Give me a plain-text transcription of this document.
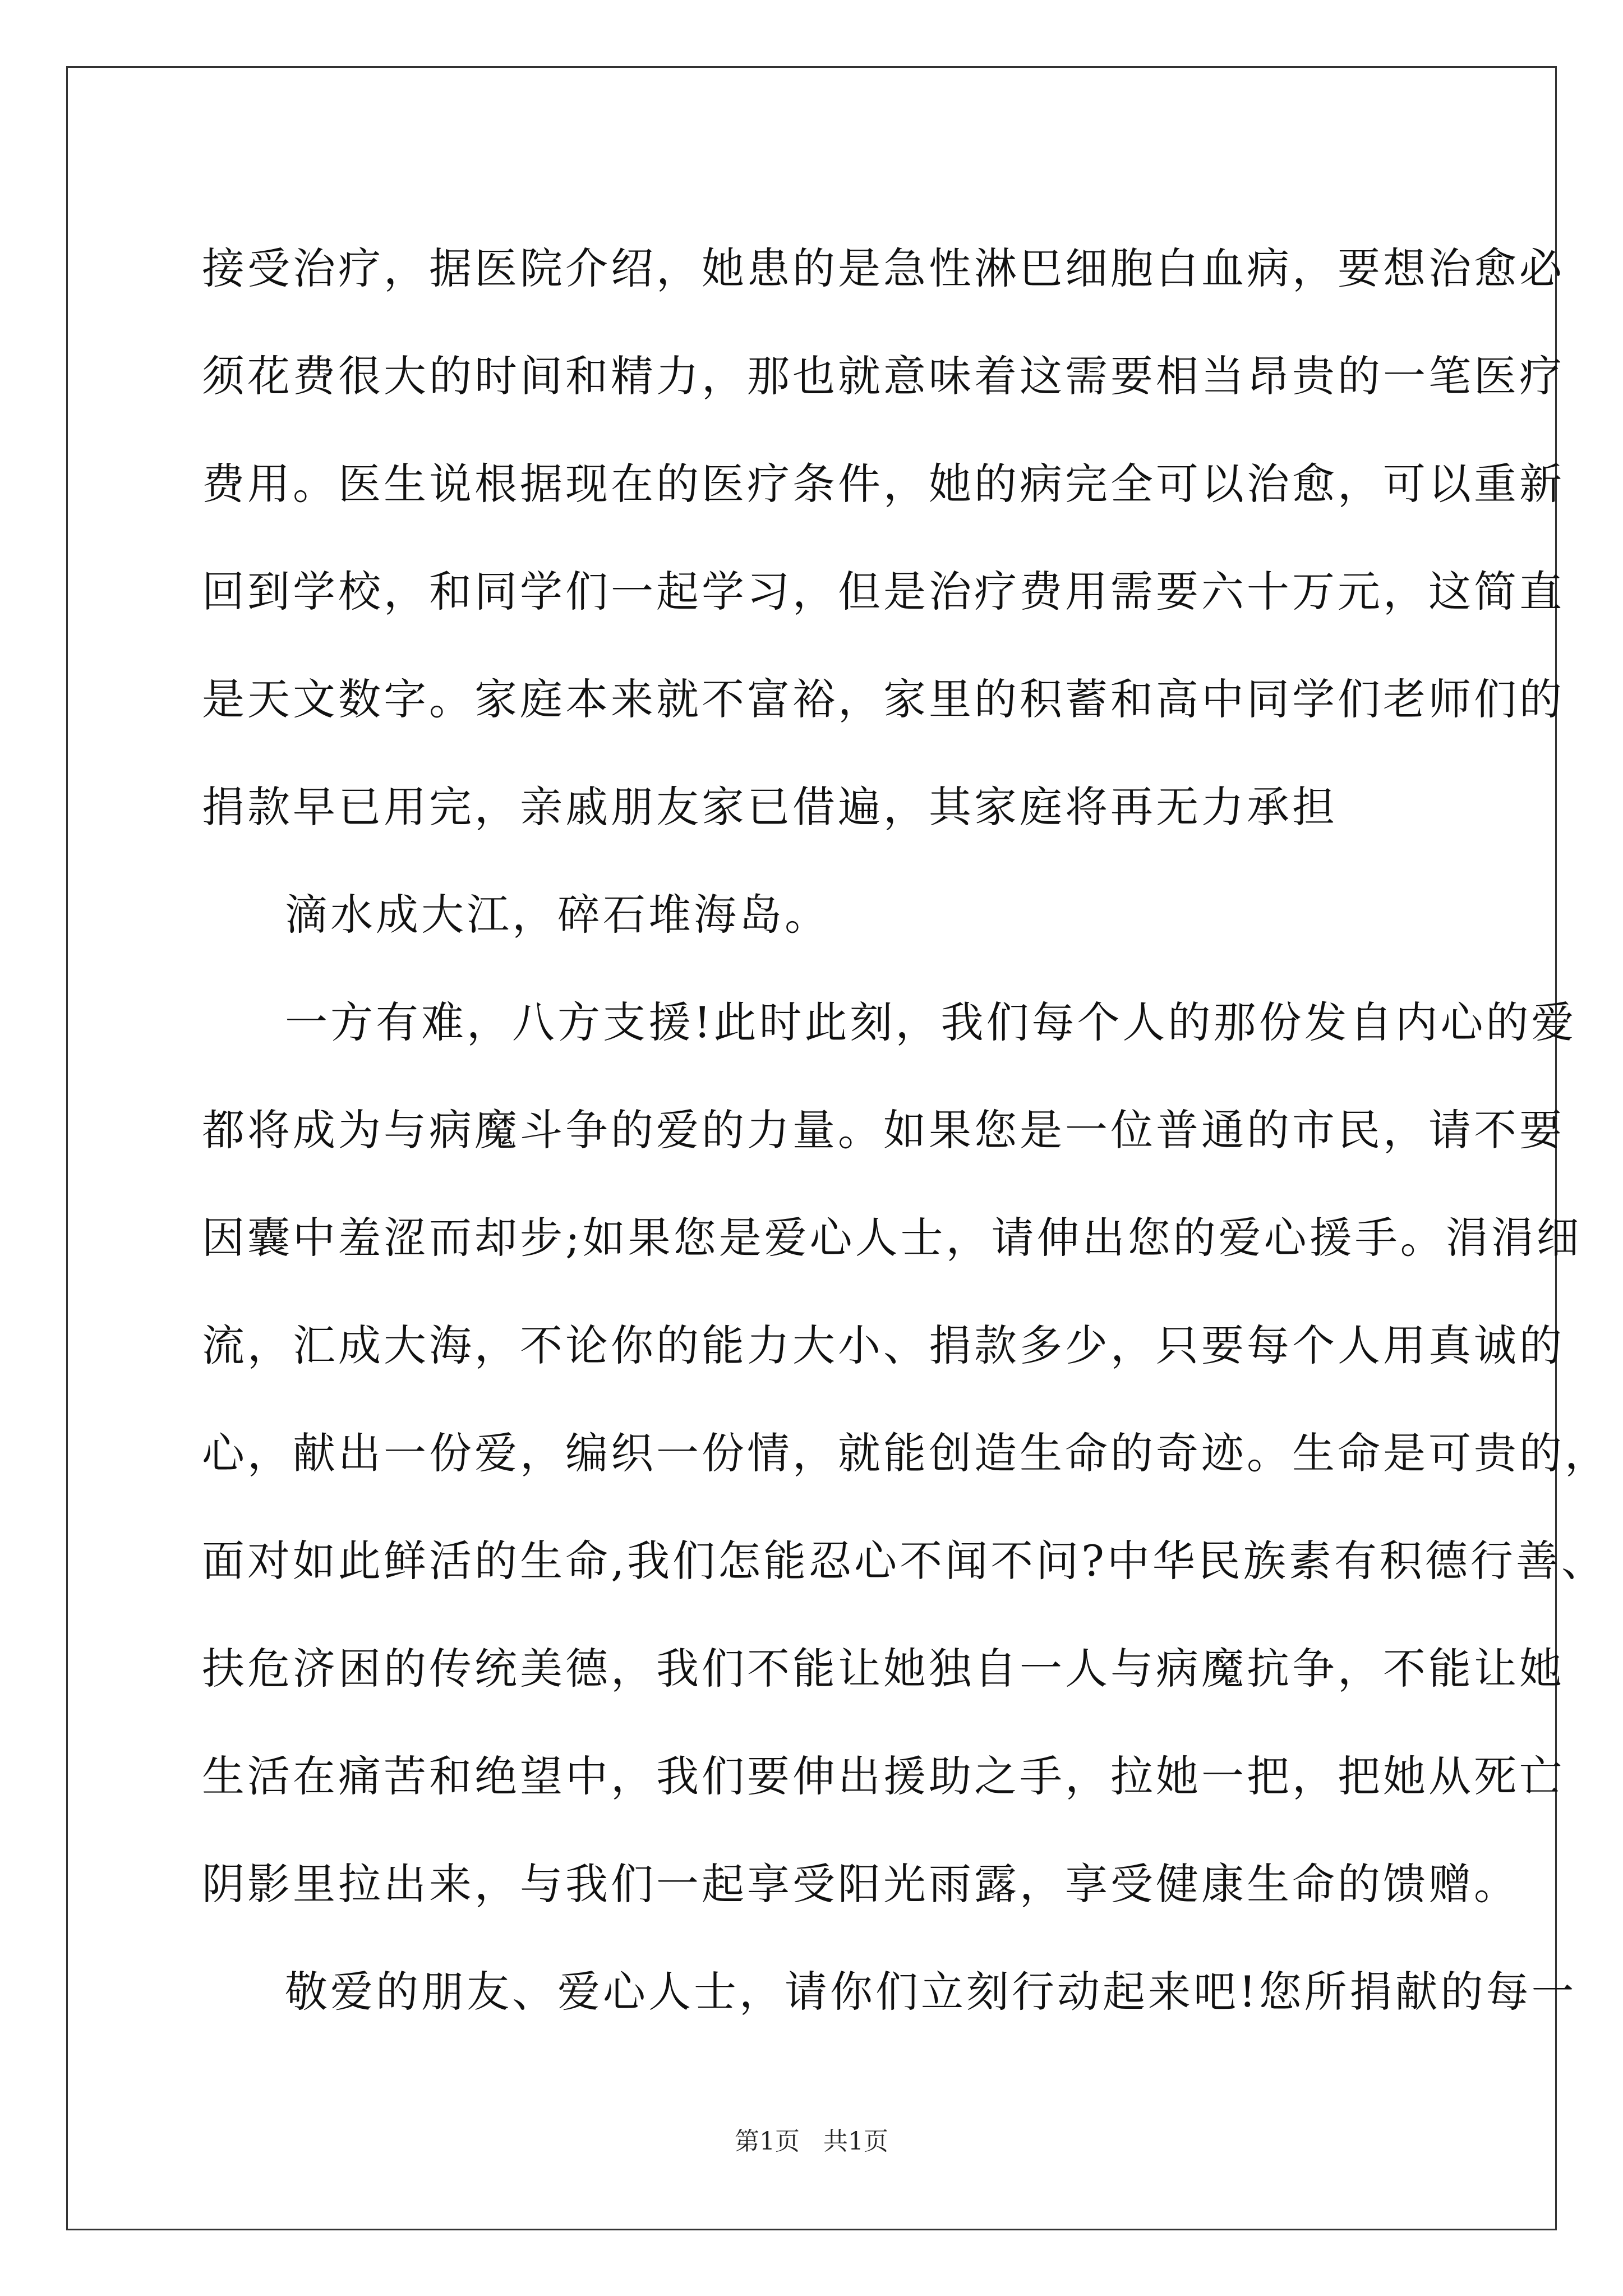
接受治疗，据医院介绍，她患的是急性淋巴细胞白血病，要想治愈必
须花费很大的时间和精力，那也就意味着这需要相当昂贵的一笔医疗
费用。医生说根据现在的医疗条件，她的病完全可以治愈，可以重新
回到学校，和同学们一起学习，但是治疗费用需要六十万元，这简直
是天文数字。家庭本来就不富裕，家里的积蓄和高中同学们老师们的
捐款早已用完，亲戚朋友家已借遍，其家庭将再无力承担
滴水成大江，碎石堆海岛。
一方有难，八方支援!此时此刻，我们每个人的那份发自内心的爱
都将成为与病魔斗争的爱的力量。如果您是一位普通的市民，请不要
因囊中羞涩而却步;如果您是爱心人士，请伸出您的爱心援手。涓涓细
流，汇成大海，不论你的能力大小、捐款多少，只要每个人用真诚的
心，献出一份爱，编织一份情，就能创造生命的奇迹。生命是可贵的，
面对如此鲜活的生命,我们怎能忍心不闻不问?中华民族素有积德行善、
扶危济困的传统美德，我们不能让她独自一人与病魔抗争，不能让她
生活在痛苦和绝望中，我们要伸出援助之手，拉她一把，把她从死亡
阴影里拉出来，与我们一起享受阳光雨露，享受健康生命的馈赠。
敬爱的朋友、爱心人士，请你们立刻行动起来吧!您所捐献的每一
第1页   共1页
